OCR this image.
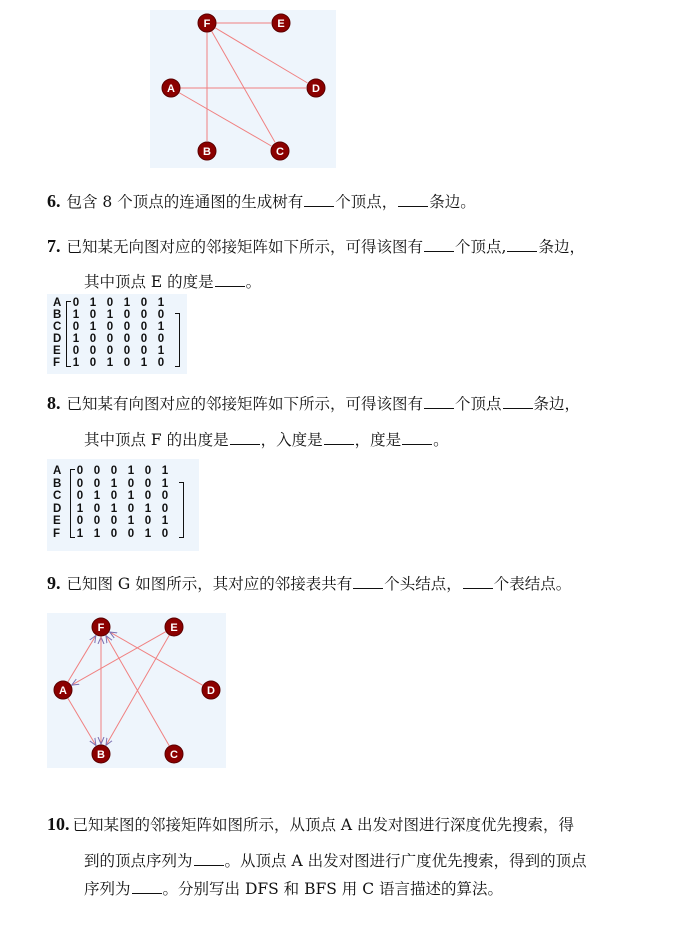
F	E
A	D
B	C
6. 包含 8 个顶点的连通图的生成树有 个顶点， 条边。
7. 已知某无向图对应的邻接矩阵如下所示，可得该图有 个顶点, 条边，
其中顶点 E 的度是 。
A 0 1 0 1 0 1
B 1 0 1 0 0 0
C 0 1 0 0 0 1
D 1 0 0 0 0 0
E 0 0 0 0 0 1
F 1 0 1 0 1 0
8. 已知某有向图对应的邻接矩阵如下所示，可得该图有 个顶点 条边，
其中顶点 F 的出度是 ，入度是 ，度是 。
A 0 0 0 1 0 1
B 0 0 1 0 0 1
C 0 1 0 1 0 0
D 1 0 1 0 1 0
E 0 0 0 1 0 1
F 1 1 0 0 1 0
9. 已知图 G 如图所示，其对应的邻接表共有 个头结点， 个表结点。
F	E
A	D
B	C
10. 已知某图的邻接矩阵如图所示，从顶点 A 出发对图进行深度优先搜索，得
到的顶点序列为 。从顶点 A 出发对图进行广度优先搜索，得到的顶点
序列为 。分别写出 DFS 和 BFS 用 C 语言描述的算法。
